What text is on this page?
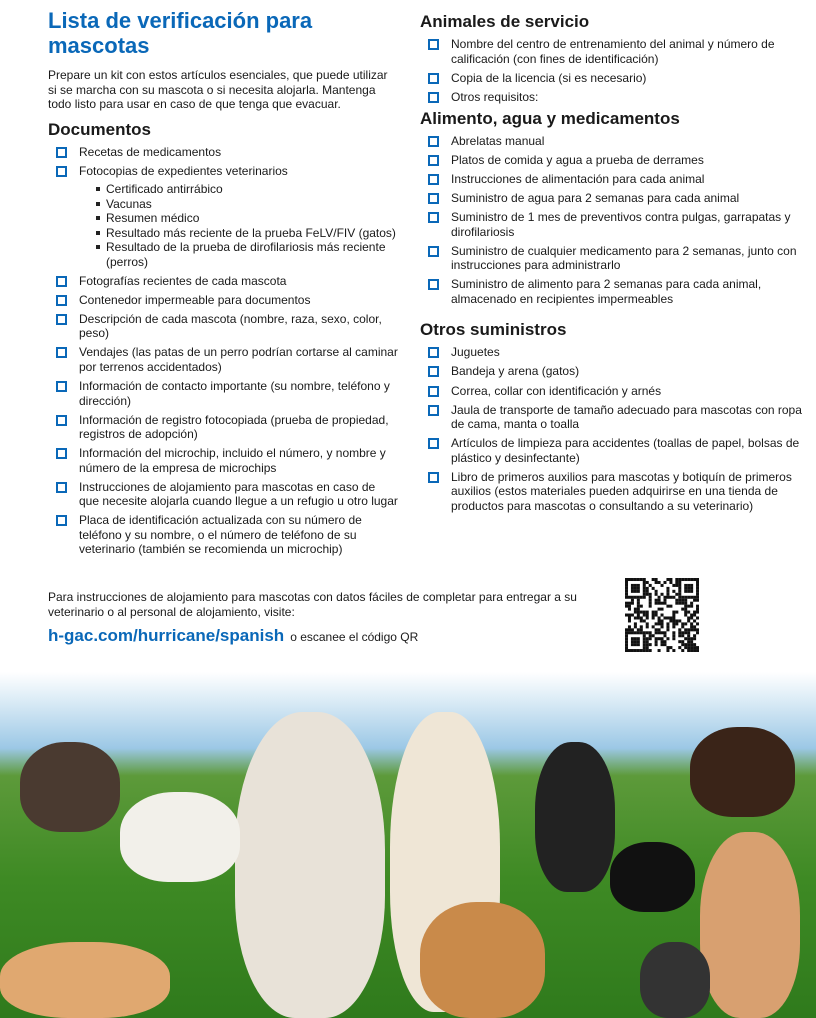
Lista de verificación para mascotas

Prepare un kit con estos artículos esenciales, que puede utilizar si se marcha con su mascota o si necesita alojarla. Mantenga todo listo para usar en caso de que tenga que evacuar.

Documentos
Recetas de medicamentos
Fotocopias de expedientes veterinarios
Certificado antirrábico
Vacunas
Resumen médico
Resultado más reciente de la prueba FeLV/FIV (gatos)
Resultado de la prueba de dirofilariosis más reciente (perros)
Fotografías recientes de cada mascota
Contenedor impermeable para documentos
Descripción de cada mascota (nombre, raza, sexo, color, peso)
Vendajes (las patas de un perro podrían cortarse al caminar por terrenos accidentados)
Información de contacto importante (su nombre, teléfono y dirección)
Información de registro fotocopiada (prueba de propiedad, registros de adopción)
Información del microchip, incluido el número, y nombre y número de la empresa de microchips
Instrucciones de alojamiento para mascotas en caso de que necesite alojarla cuando llegue a un refugio u otro lugar
Placa de identificación actualizada con su número de teléfono y su nombre, o el número de teléfono de su veterinario (también se recomienda un microchip)
Animales de servicio
Nombre del centro de entrenamiento del animal y número de calificación (con fines de identificación)
Copia de la licencia (si es necesario)
Otros requisitos:
Alimento, agua y medicamentos
Abrelatas manual
Platos de comida y agua a prueba de derrames
Instrucciones de alimentación para cada animal
Suministro de agua para 2 semanas para cada animal
Suministro de 1 mes de preventivos contra pulgas, garrapatas y dirofilariosis
Suministro de cualquier medicamento para 2 semanas, junto con instrucciones para administrarlo
Suministro de alimento para 2 semanas para cada animal, almacenado en recipientes impermeables
Otros suministros
Juguetes
Bandeja y arena (gatos)
Correa, collar con identificación y arnés
Jaula de transporte de tamaño adecuado para mascotas con ropa de cama, manta o toalla
Artículos de limpieza para accidentes (toallas de papel, bolsas de plástico y desinfectante)
Libro de primeros auxilios para mascotas y botiquín de primeros auxilios (estos materiales pueden adquirirse en una tienda de productos para mascotas o consultando a su veterinario)

Para instrucciones de alojamiento para mascotas con datos fáciles de completar para entregar a su veterinario o al personal de alojamiento, visite:

h-gac.com/hurricane/spanish o escanee el código QR
